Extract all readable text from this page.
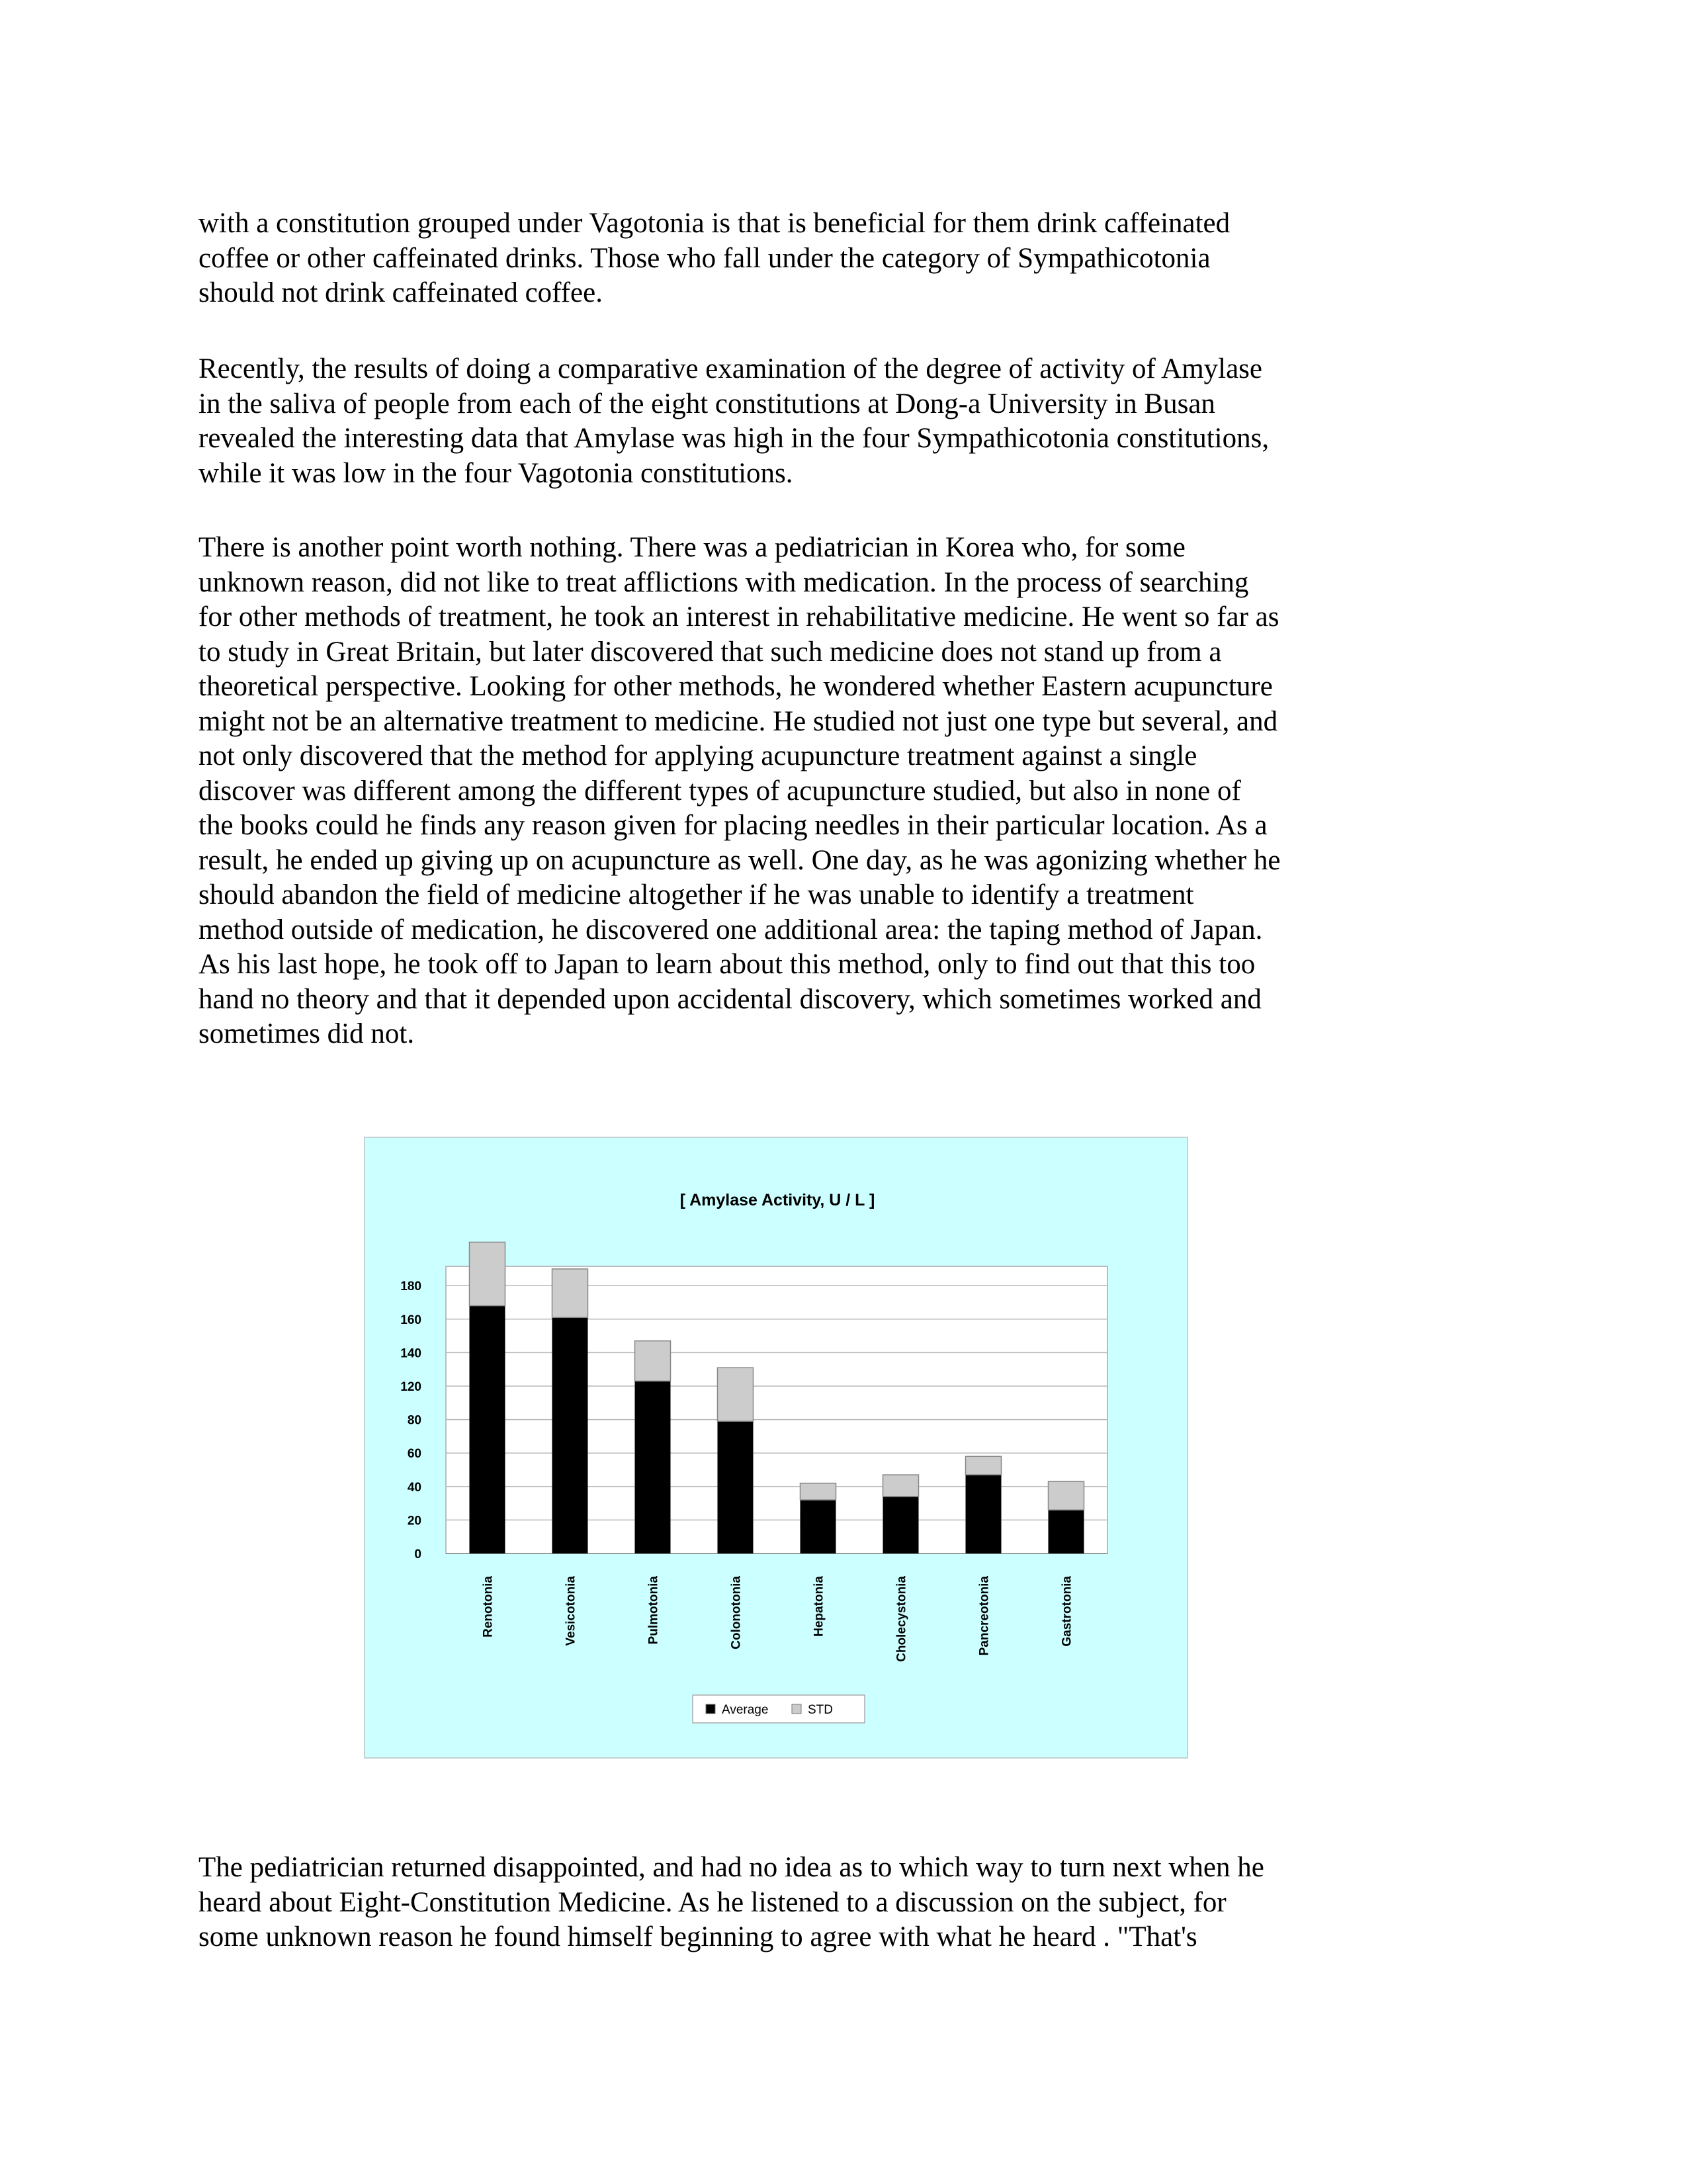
with a constitution grouped under Vagotonia is that is beneficial for them drink caffeinated
coffee or other caffeinated drinks. Those who fall under the category of Sympathicotonia
should not drink caffeinated coffee.

Recently, the results of doing a comparative examination of the degree of activity of Amylase
in the saliva of people from each of the eight constitutions at Dong-a University in Busan
revealed the interesting data that Amylase was high in the four Sympathicotonia constitutions,
while it was low in the four Vagotonia constitutions.

There is another point worth nothing. There was a pediatrician in Korea who, for some
unknown reason, did not like to treat afflictions with medication. In the process of searching
for other methods of treatment, he took an interest in rehabilitative medicine. He went so far as
to study in Great Britain, but later discovered that such medicine does not stand up from a
theoretical perspective. Looking for other methods, he wondered whether Eastern acupuncture
might not be an alternative treatment to medicine. He studied not just one type but several, and
not only discovered that the method for applying acupuncture treatment against a single
discover was different among the different types of acupuncture studied, but also in none of
the books could he finds any reason given for placing needles in their particular location. As a
result, he ended up giving up on acupuncture as well. One day, as he was agonizing whether he
should abandon the field of medicine altogether if he was unable to identify a treatment
method outside of medication, he discovered one additional area: the taping method of Japan.
As his last hope, he took off to Japan to learn about this method, only to find out that this too
hand no theory and that it depended upon accidental discovery, which sometimes worked and
sometimes did not.

[ Amylase Activity, U / L ]
0
20
40
60
80
120
140
160
180
Renotonia	Vesicotonia	Pulmotonia	Colonotonia	Hepatonia	Cholecystonia	Pancreotonia	Gastrotonia
Average	STD

The pediatrician returned disappointed, and had no idea as to which way to turn next when he
heard about Eight-Constitution Medicine. As he listened to a discussion on the subject, for
some unknown reason he found himself beginning to agree with what he heard . "That's
